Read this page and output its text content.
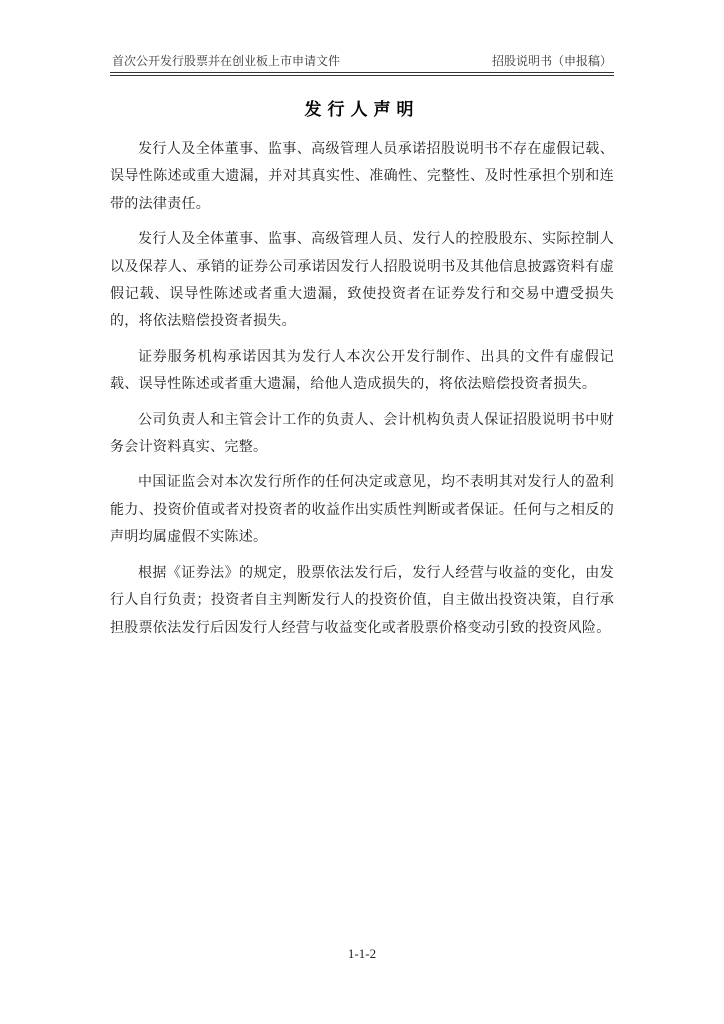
首次公开发行股票并在创业板上市申请文件	招股说明书（申报稿）
发行人声明

发行人及全体董事、监事、高级管理人员承诺招股说明书不存在虚假记载、误导性陈述或重大遗漏，并对其真实性、准确性、完整性、及时性承担个别和连带的法律责任。

发行人及全体董事、监事、高级管理人员、发行人的控股股东、实际控制人以及保荐人、承销的证券公司承诺因发行人招股说明书及其他信息披露资料有虚假记载、误导性陈述或者重大遗漏，致使投资者在证券发行和交易中遭受损失的，将依法赔偿投资者损失。

证券服务机构承诺因其为发行人本次公开发行制作、出具的文件有虚假记载、误导性陈述或者重大遗漏，给他人造成损失的，将依法赔偿投资者损失。

公司负责人和主管会计工作的负责人、会计机构负责人保证招股说明书中财务会计资料真实、完整。

中国证监会对本次发行所作的任何决定或意见，均不表明其对发行人的盈利能力、投资价值或者对投资者的收益作出实质性判断或者保证。任何与之相反的声明均属虚假不实陈述。

根据《证券法》的规定，股票依法发行后，发行人经营与收益的变化，由发行人自行负责；投资者自主判断发行人的投资价值，自主做出投资决策，自行承担股票依法发行后因发行人经营与收益变化或者股票价格变动引致的投资风险。

1-1-2
